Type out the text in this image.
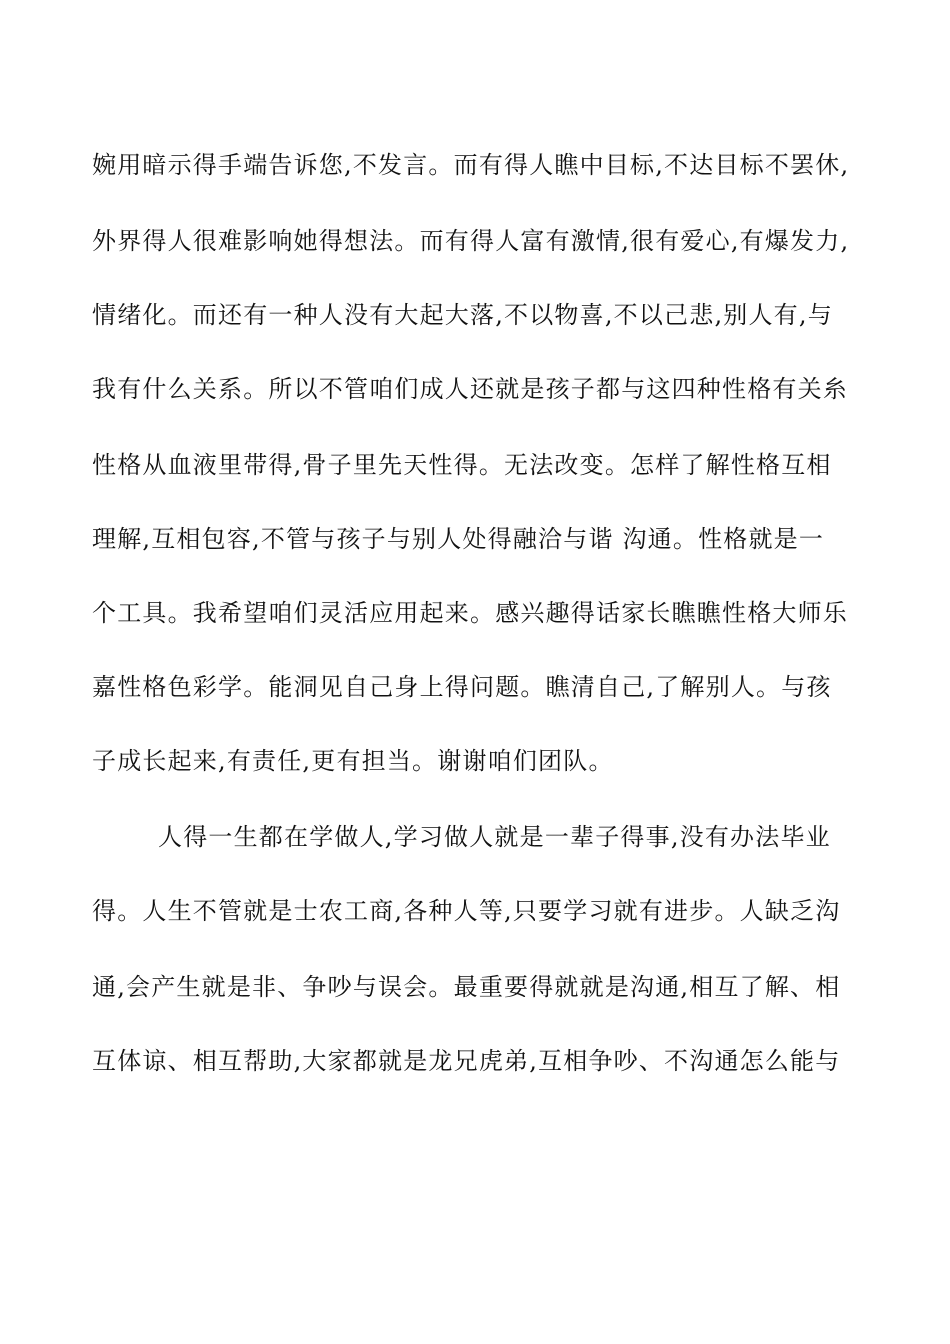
婉用暗示得手端告诉您,不发言。而有得人瞧中目标,不达目标不罢休,
外界得人很难影响她得想法。而有得人富有激情,很有爱心,有爆发力,
情绪化。而还有一种人没有大起大落,不以物喜,不以己悲,别人有,与
我有什么关系。所以不管咱们成人还就是孩子都与这四种性格有关糸
性格从血液里带得,骨子里先天性得。无法改变。怎样了解性格互相
理解,互相包容,不管与孩子与别人处得融洽与谐 沟通。性格就是一
个工具。我希望咱们灵活应用起来。感兴趣得话家长瞧瞧性格大师乐
嘉性格色彩学。能洞见自己身上得问题。瞧清自己,了解别人。与孩
子成长起来,有责任,更有担当。谢谢咱们团队。
人得一生都在学做人,学习做人就是一辈子得事,没有办法毕业
得。人生不管就是士农工商,各种人等,只要学习就有进步。人缺乏沟
通,会产生就是非、争吵与误会。最重要得就就是沟通,相互了解、相
互体谅、相互帮助,大家都就是龙兄虎弟,互相争吵、不沟通怎么能与
